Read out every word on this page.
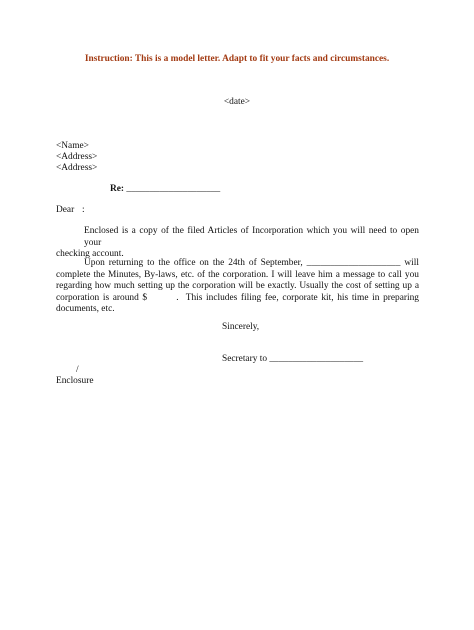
Instruction: This is a model letter. Adapt to fit your facts and circumstances.
<date>
<Name>
<Address>
<Address>
Re: ____________________
Dear :
Enclosed is a copy of the filed Articles of Incorporation which you will need to open your
checking account.
Upon returning to the office on the 24th of September, ____________________ will
complete the Minutes, By-laws, etc. of the corporation. I will leave him a message to call you
regarding how much setting up the corporation will be exactly. Usually the cost of setting up a
corporation is around $        .  This includes filing fee, corporate kit, his time in preparing
documents, etc.
Sincerely,
Secretary to ____________________
/
Enclosure
